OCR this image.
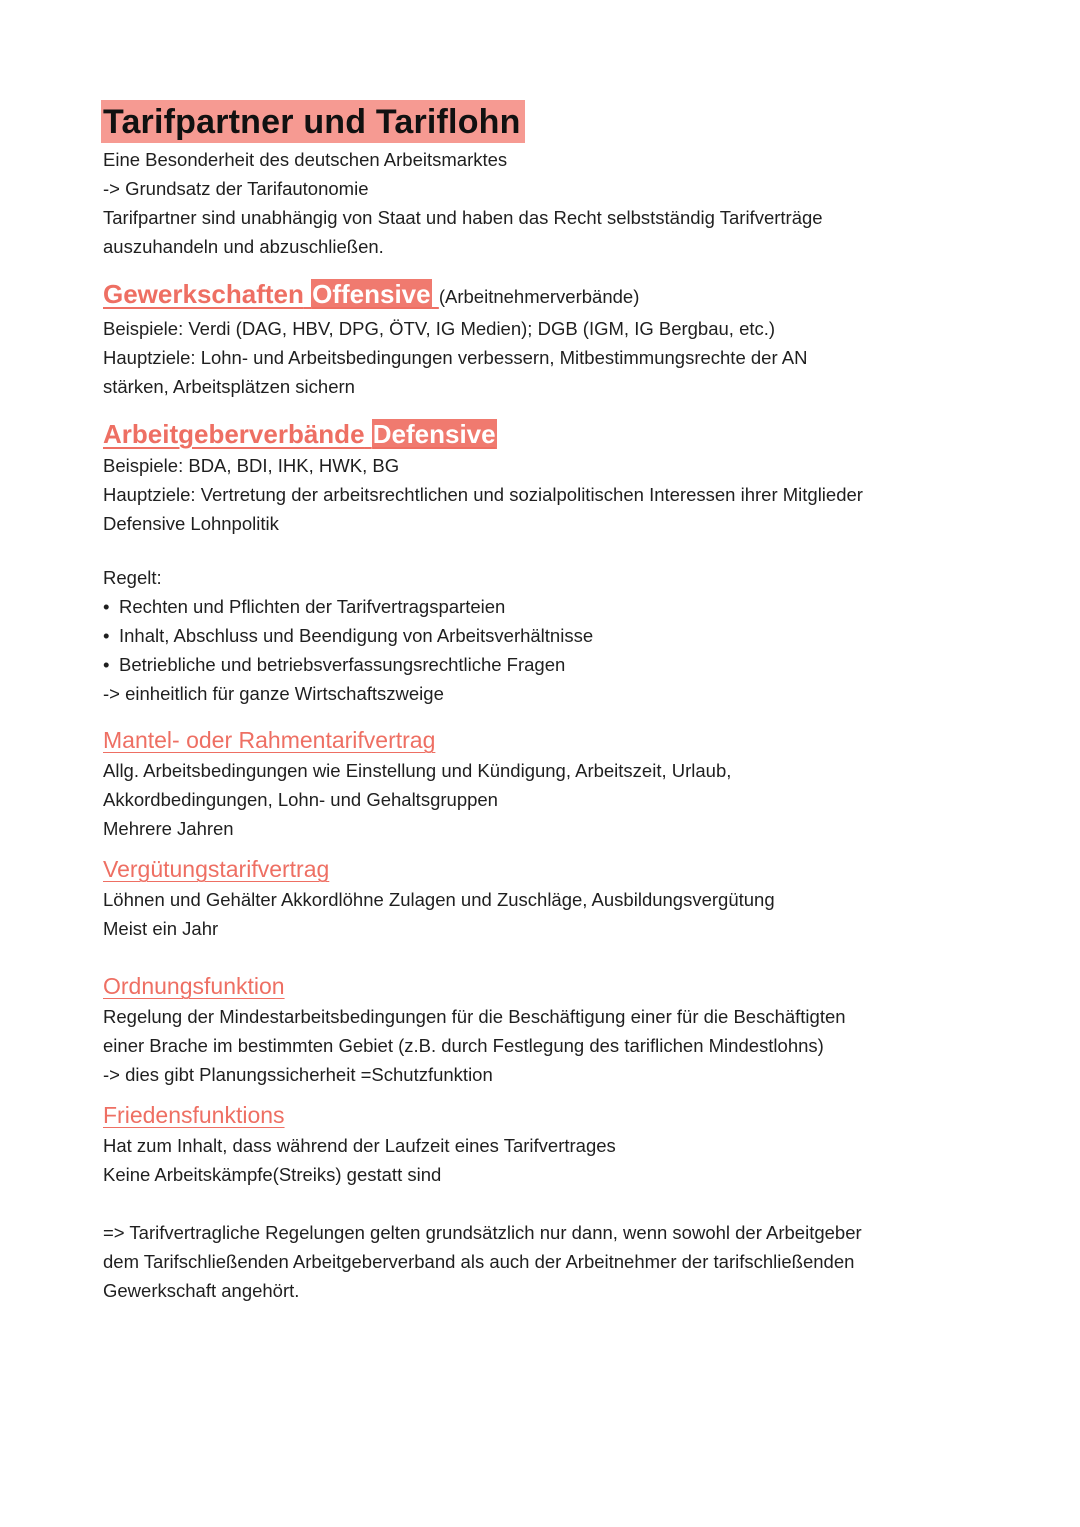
Tarifpartner und Tariflohn

Eine Besonderheit des deutschen Arbeitsmarktes

-> Grundsatz der Tarifautonomie

Tarifpartner sind unabhängig von Staat und haben das Recht selbstständig Tarifverträge

auszuhandeln und abzuschließen.

Gewerkschaften Offensive (Arbeitnehmerverbände)

Beispiele: Verdi (DAG, HBV, DPG, ÖTV, IG Medien); DGB (IGM, IG Bergbau, etc.)

Hauptziele: Lohn- und Arbeitsbedingungen verbessern, Mitbestimmungsrechte der AN

stärken, Arbeitsplätzen sichern

Arbeitgeberverbände Defensive

Beispiele: BDA, BDI, IHK, HWK, BG

Hauptziele: Vertretung der arbeitsrechtlichen und sozialpolitischen Interessen ihrer Mitglieder

Defensive Lohnpolitik

Regelt:

• Rechten und Pflichten der Tarifvertragsparteien

• Inhalt, Abschluss und Beendigung von Arbeitsverhältnisse

• Betriebliche und betriebsverfassungsrechtliche Fragen

-> einheitlich für ganze Wirtschaftszweige

Mantel- oder Rahmentarifvertrag

Allg. Arbeitsbedingungen wie Einstellung und Kündigung, Arbeitszeit, Urlaub,

Akkordbedingungen, Lohn- und Gehaltsgruppen

Mehrere Jahren

Vergütungstarifvertrag

Löhnen und Gehälter Akkordlöhne Zulagen und Zuschläge, Ausbildungsvergütung

Meist ein Jahr

Ordnungsfunktion

Regelung der Mindestarbeitsbedingungen für die Beschäftigung einer für die Beschäftigten

einer Brache im bestimmten Gebiet (z.B. durch Festlegung des tariflichen Mindestlohns)

-> dies gibt Planungssicherheit =Schutzfunktion

Friedensfunktions

Hat zum Inhalt, dass während der Laufzeit eines Tarifvertrages

Keine Arbeitskämpfe(Streiks) gestatt sind

=> Tarifvertragliche Regelungen gelten grundsätzlich nur dann, wenn sowohl der Arbeitgeber

dem Tarifschließenden Arbeitgeberverband als auch der Arbeitnehmer der tarifschließenden

Gewerkschaft angehört.
